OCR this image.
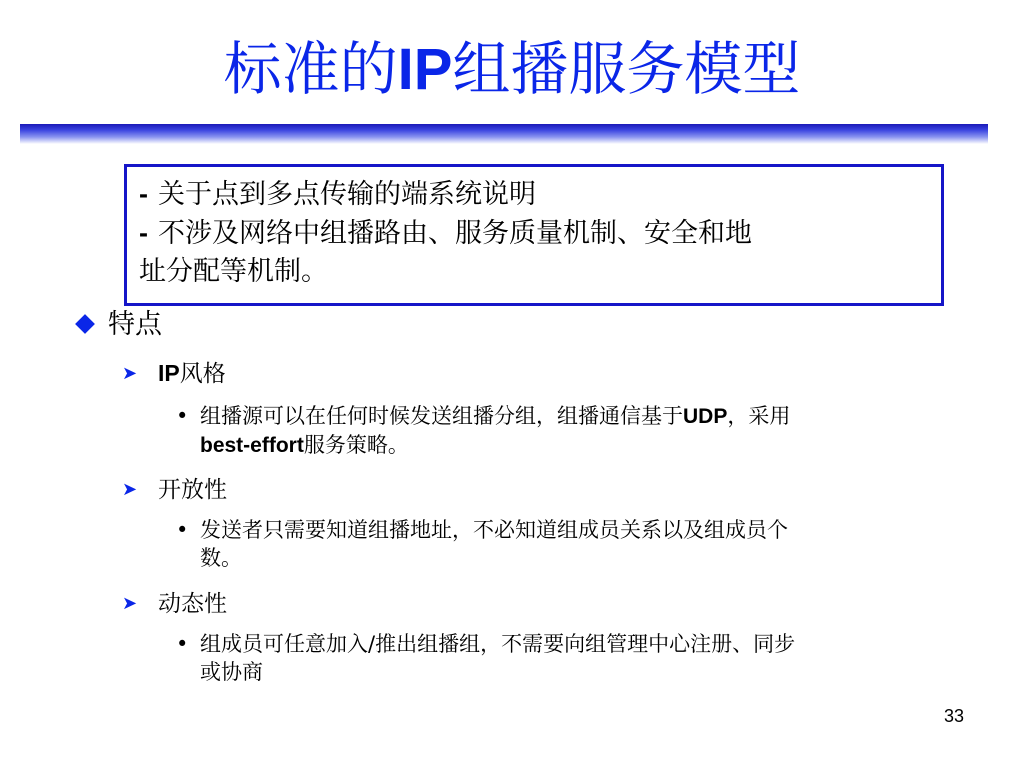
标准的IP组播服务模型
- 关于点到多点传输的端系统说明
- 不涉及网络中组播路由、服务质量机制、安全和地
址分配等机制。
特点
➤ IP风格
• 组播源可以在任何时候发送组播分组，组播通信基于UDP，采用
best-effort服务策略。
➤ 开放性
• 发送者只需要知道组播地址，不必知道组成员关系以及组成员个
数。
➤ 动态性
• 组成员可任意加入/推出组播组，不需要向组管理中心注册、同步
或协商
33
